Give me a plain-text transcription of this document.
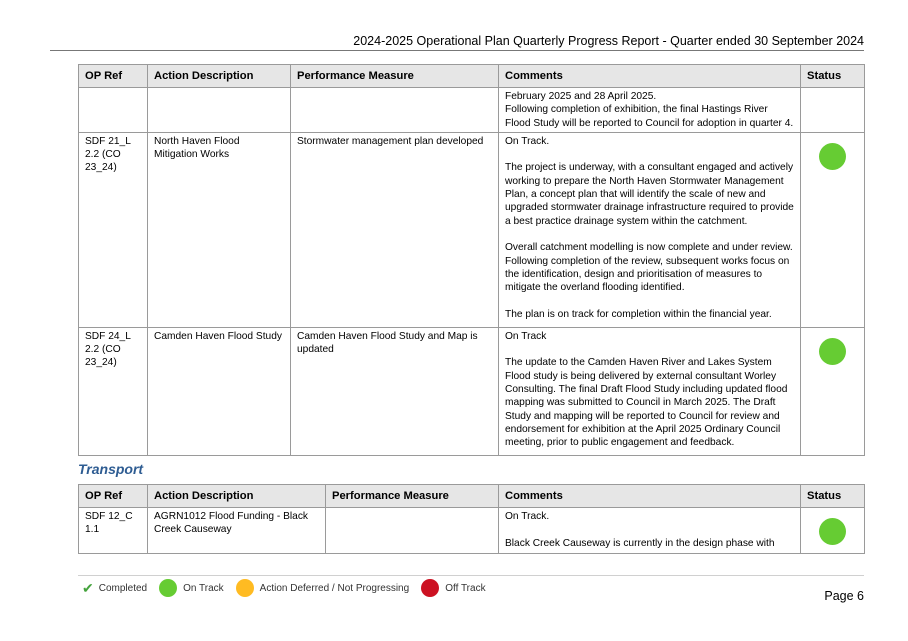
2024-2025 Operational Plan Quarterly Progress Report - Quarter ended 30 September 2024
OP Ref	Action Description	Performance Measure	Comments	Status

			February 2025 and 28 April 2025.
Following completion of exhibition, the final Hastings River Flood Study will be reported to Council for adoption in quarter 4.	

SDF 21_L 2.2 (CO 23_24)	North Haven Flood Mitigation Works	Stormwater management plan developed	On Track.
The project is underway, with a consultant engaged and actively working to prepare the North Haven Stormwater Management Plan, a concept plan that will identify the scale of new and upgraded stormwater drainage infrastructure required to provide a best practice drainage system within the catchment.
Overall catchment modelling is now complete and under review. Following completion of the review, subsequent works focus on the identification, design and prioritisation of measures to mitigate the overland flooding identified.
The plan is on track for completion within the financial year.	

SDF 24_L 2.2 (CO 23_24)	Camden Haven Flood Study	Camden Haven Flood Study and Map is updated	On Track
The update to the Camden Haven River and Lakes System Flood study is being delivered by external consultant Worley Consulting. The final Draft Flood Study including updated flood mapping was submitted to Council in March 2025. The Draft Study and mapping will be reported to Council for review and endorsement for exhibition at the April 2025 Ordinary Council meeting, prior to public engagement and feedback.	

Transport
OP Ref	Action Description	Performance Measure	Comments	Status
SDF 12_C 1.1	AGRN1012 Flood Funding - Black Creek Causeway		On Track.
Black Creek Causeway is currently in the design phase with	

✔ Completed	On Track	Action Deferred / Not Progressing	Off Track
Page 6
